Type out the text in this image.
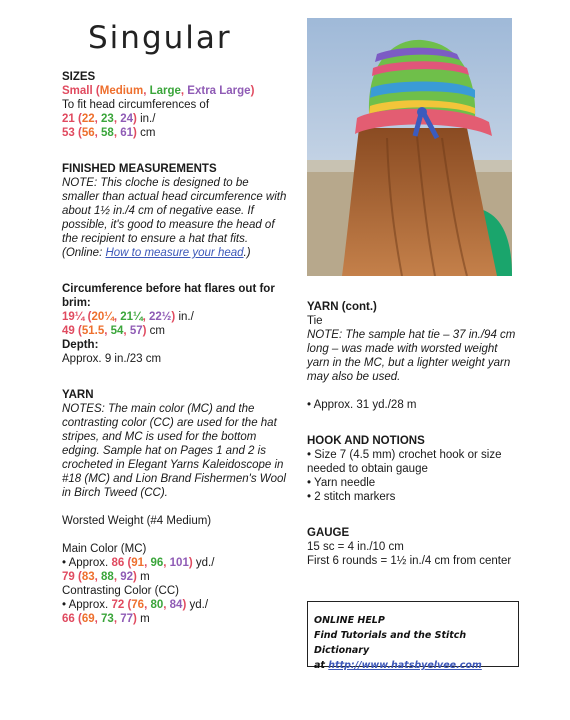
Singular

SIZES

Small (Medium, Large, Extra Large)

To fit head circumferences of

21 (22, 23, 24) in./

53 (56, 58, 61) cm

FINISHED MEASUREMENTS

NOTE: This cloche is designed to be smaller than actual head circumference with about 1½ in./4 cm of negative ease. If possible, it's good to measure the head of the recipient to ensure a hat that fits. (Online: How to measure your head.)

Circumference before hat flares out for brim:

19¼ (20¼, 21¼, 22½) in./

49 (51.5, 54, 57) cm

Depth:

Approx. 9 in./23 cm

YARN

NOTES: The main color (MC) and the contrasting color (CC) are used for the hat stripes, and MC is used for the bottom edging. Sample hat on Pages 1 and 2 is crocheted in Elegant Yarns Kaleidoscope in #18 (MC) and Lion Brand Fishermen's Wool in Birch Tweed (CC).

Worsted Weight (#4 Medium)

Main Color (MC)

• Approx. 86 (91, 96, 101) yd./

79 (83, 88, 92) m

Contrasting Color (CC)

• Approx. 72 (76, 80, 84) yd./

66 (69, 73, 77) m

YARN (cont.)

Tie

NOTE: The sample hat tie – 37 in./94 cm long – was made with worsted weight yarn in the MC, but a lighter weight yarn may also be used.

• Approx. 31 yd./28 m

HOOK AND NOTIONS

• Size 7 (4.5 mm) crochet hook or size needed to obtain gauge

• Yarn needle

• 2 stitch markers

GAUGE

15 sc = 4 in./10 cm

First 6 rounds = 1½ in./4 cm from center

ONLINE HELP
Find Tutorials and the Stitch Dictionary
at http://www.hatsbyelvee.com
